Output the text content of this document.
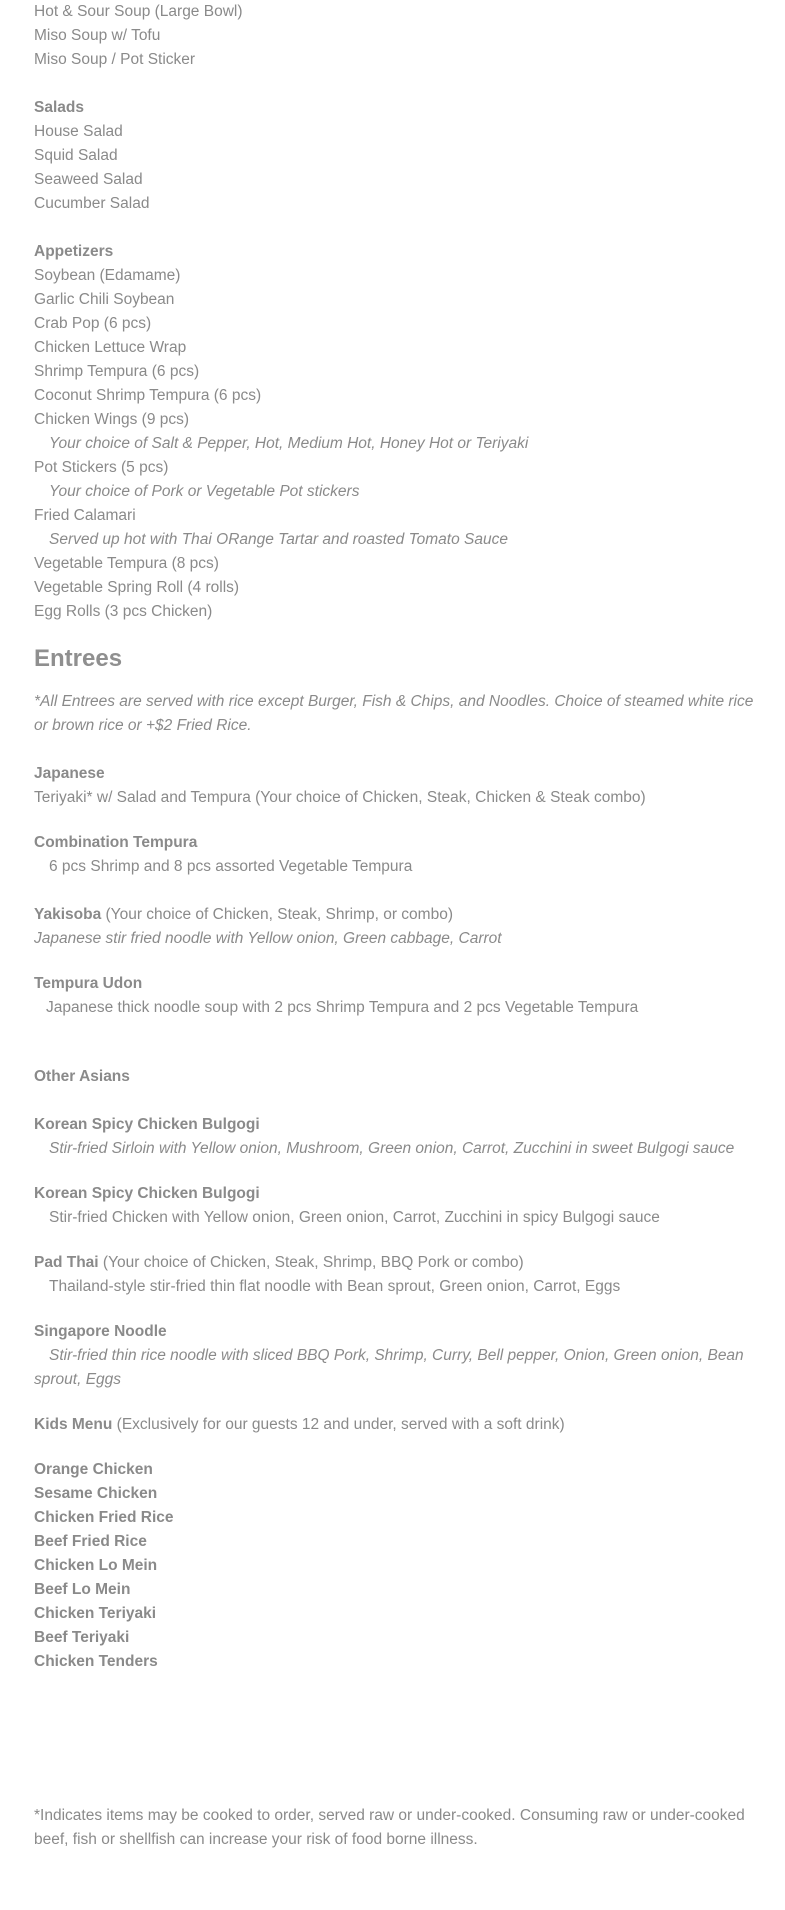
Hot & Sour Soup (Large Bowl)
Miso Soup w/ Tofu
Miso Soup / Pot Sticker
Salads
House Salad
Squid Salad
Seaweed Salad
Cucumber Salad
Appetizers
Soybean (Edamame)
Garlic Chili Soybean
Crab Pop (6 pcs)
Chicken Lettuce Wrap
Shrimp Tempura (6 pcs)
Coconut Shrimp Tempura (6 pcs)
Chicken Wings (9 pcs)
Your choice of Salt & Pepper, Hot, Medium Hot, Honey Hot or Teriyaki
Pot Stickers (5 pcs)
Your choice of Pork or Vegetable Pot stickers
Fried Calamari
Served up hot with Thai ORange Tartar and roasted Tomato Sauce
Vegetable Tempura (8 pcs)
Vegetable Spring Roll (4 rolls)
Egg Rolls (3 pcs Chicken)
Entrees
*All Entrees are served with rice except Burger, Fish & Chips, and Noodles. Choice of steamed white rice or brown rice or +$2 Fried Rice.
Japanese
Teriyaki* w/ Salad and Tempura (Your choice of Chicken, Steak, Chicken & Steak combo)
Combination Tempura
6 pcs Shrimp and 8 pcs assorted Vegetable Tempura
Yakisoba (Your choice of Chicken, Steak, Shrimp, or combo)
Japanese stir fried noodle with Yellow onion, Green cabbage, Carrot
Tempura Udon
Japanese thick noodle soup with 2 pcs Shrimp Tempura and 2 pcs Vegetable Tempura
Other Asians
Korean Spicy Chicken Bulgogi
Stir-fried Sirloin with Yellow onion, Mushroom, Green onion, Carrot, Zucchini in sweet Bulgogi sauce
Korean Spicy Chicken Bulgogi
Stir-fried Chicken with Yellow onion, Green onion, Carrot, Zucchini in spicy Bulgogi sauce
Pad Thai (Your choice of Chicken, Steak, Shrimp, BBQ Pork or combo)
Thailand-style stir-fried thin flat noodle with Bean sprout, Green onion, Carrot, Eggs
Singapore Noodle
Stir-fried thin rice noodle with sliced BBQ Pork, Shrimp, Curry, Bell pepper, Onion, Green onion, Bean sprout, Eggs
Kids Menu (Exclusively for our guests 12 and under, served with a soft drink)
Orange Chicken
Sesame Chicken
Chicken Fried Rice
Beef Fried Rice
Chicken Lo Mein
Beef Lo Mein
Chicken Teriyaki
Beef Teriyaki
Chicken Tenders
*Indicates items may be cooked to order, served raw or under-cooked. Consuming raw or under-cooked beef, fish or shellfish can increase your risk of food borne illness.
